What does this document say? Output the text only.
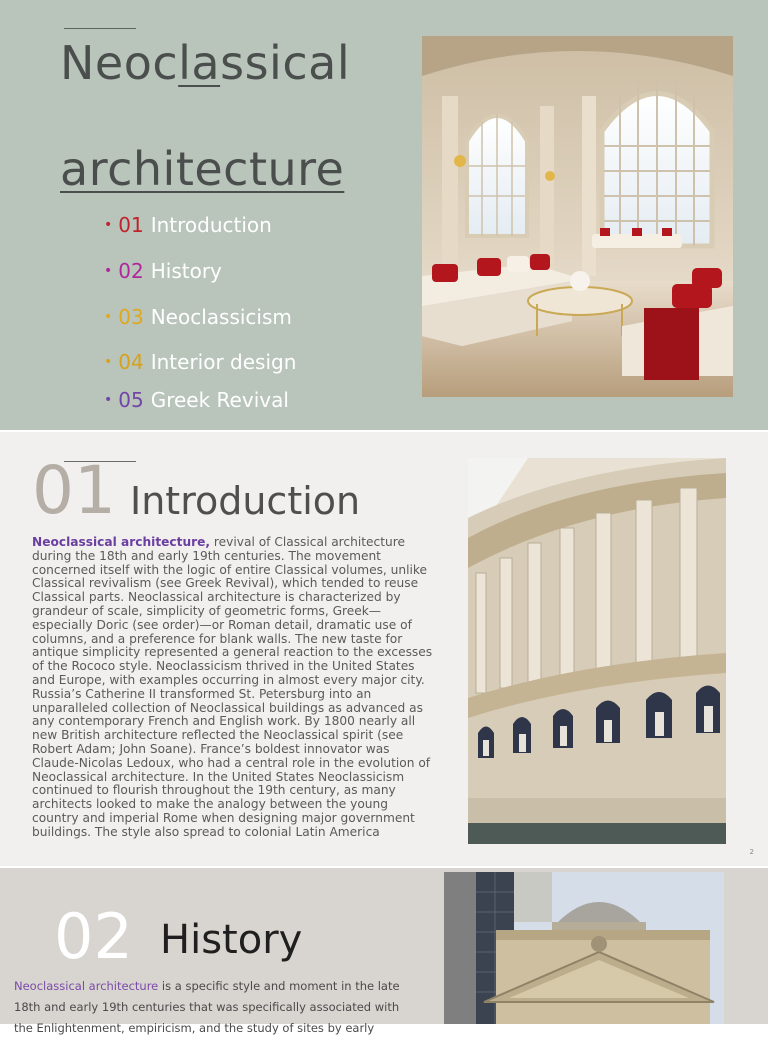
Neoclassical
architecture
• 01 Introduction
• 02 History
• 03 Neoclassicism
• 04 Interior design
• 05 Greek Revival
01 Introduction
Neoclassical architecture, revival of Classical architecture during the 18th and early 19th centuries. The movement concerned itself with the logic of entire Classical volumes, unlike Classical revivalism (see Greek Revival), which tended to reuse Classical parts. Neoclassical architecture is characterized by grandeur of scale, simplicity of geometric forms, Greek—especially Doric (see order)—or Roman detail, dramatic use of columns, and a preference for blank walls. The new taste for antique simplicity represented a general reaction to the excesses of the Rococo style. Neoclassicism thrived in the United States and Europe, with examples occurring in almost every major city. Russia’s Catherine II transformed St. Petersburg into an unparalleled collection of Neoclassical buildings as advanced as any contemporary French and English work. By 1800 nearly all new British architecture reflected the Neoclassical spirit (see Robert Adam; John Soane). France’s boldest innovator was Claude-Nicolas Ledoux, who had a central role in the evolution of Neoclassical architecture. In the United States Neoclassicism continued to flourish throughout the 19th century, as many architects looked to make the analogy between the young country and imperial Rome when designing major government buildings. The style also spread to colonial Latin America
2
02 History
Neoclassical architecture is a specific style and moment in the late 18th and early 19th centuries that was specifically associated with the Enlightenment, empiricism, and the study of sites by early
